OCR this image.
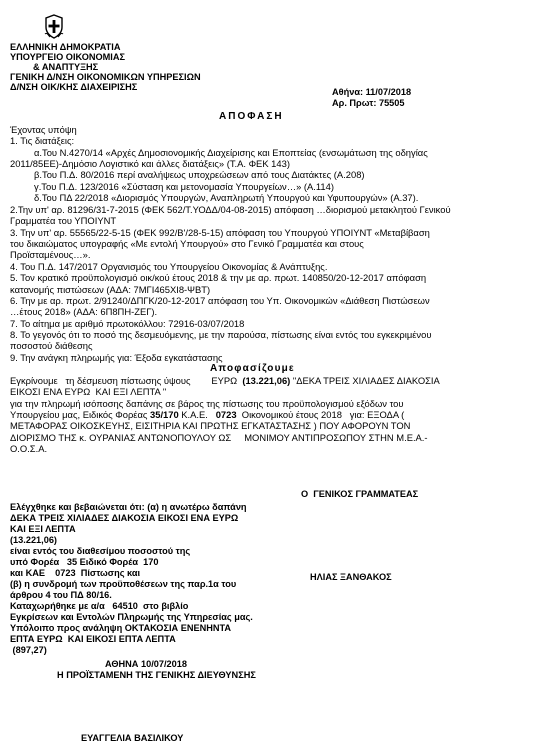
ΕΛΛΗΝΙΚΗ ΔΗΜΟΚΡΑΤΙΑ
ΥΠΟΥΡΓΕΙΟ ΟΙΚΟΝΟΜΙΑΣ
& ΑΝΑΠΤΥΞΗΣ
ΓΕΝΙΚΗ Δ/ΝΣΗ ΟΙΚΟΝΟΜΙΚΩΝ ΥΠΗΡΕΣΙΩΝ
Δ/ΝΣΗ ΟΙΚ/ΚΗΣ ΔΙΑΧΕΙΡΙΣΗΣ	Αθήνα: 11/07/2018
Αρ. Πρωτ: 75505
ΑΠΟΦΑΣΗ
Έχοντας υπόψη
1. Τις διατάξεις:
α.Του Ν.4270/14 «Αρχές Δημοσιονομικής Διαχείρισης και Εποπτείας (ενσωμάτωση της οδηγίας
2011/85ΕΕ)-Δημόσιο Λογιστικό και άλλες διατάξεις» (Τ.Α. ΦΕΚ 143)
β.Του Π.Δ. 80/2016 περί αναλήψεως υποχρεώσεων από τους Διατάκτες (Α.208)
γ.Του Π.Δ. 123/2016 «Σύσταση και μετονομασία Υπουργείων…» (Α.114)
δ.Του ΠΔ 22/2018 «Διορισμός Υπουργών, Αναπληρωτή Υπουργού και Υφυπουργών» (Α.37).
2.Την υπ' αρ. 81296/31-7-2015 (ΦΕΚ 562/Τ.ΥΟΔΔ/04-08-2015) απόφαση …διορισμού μετακλητού Γενικού
Γραμματέα του ΥΠΟΙΥΝΤ
3. Την υπ' αρ. 55565/22-5-15 (ΦΕΚ 992/Β'/28-5-15) απόφαση του Υπουργού ΥΠΟΙΥΝΤ «Μεταβίβαση
του δικαιώματος υπογραφής «Με εντολή Υπουργού» στο Γενικό Γραμματέα και στους
Προϊσταμένους…».
4. Του Π.Δ. 147/2017 Οργανισμός του Υπουργείου Οικονομίας & Ανάπτυξης.
5. Τον κρατικό προϋπολογισμό οικ/κού έτους 2018 & την με αρ. πρωτ. 140850/20-12-2017 απόφαση
κατανομής πιστώσεων (ΑΔΑ: 7ΜΓΙ465ΧΙ8-ΨΒΤ)
6. Την με αρ. πρωτ. 2/91240/ΔΠΓΚ/20-12-2017 απόφαση του Υπ. Οικονομικών «Διάθεση Πιστώσεων
…έτους 2018» (ΑΔΑ: 6Π8ΠΗ-ΖΕΓ).
7. Το αίτημα με αριθμό πρωτοκόλλου: 72916-03/07/2018
8. Το γεγονός ότι το ποσό της δεσμευόμενης, με την παρούσα, πίστωσης είναι εντός του εγκεκριμένου
ποσοστού διάθεσης
9. Την ανάγκη πληρωμής για: Έξοδα εγκατάστασης
Αποφασίζουμε
Εγκρίνουμε   τη δέσμευση πίστωσης ύψους        ΕΥΡΩ  (13.221,06) "ΔΕΚΑ ΤΡΕΙΣ ΧΙΛΙΑΔΕΣ ΔΙΑΚΟΣΙΑ
ΕΙΚΟΣΙ ΕΝΑ ΕΥΡΩ  ΚΑΙ ΕΞΙ ΛΕΠΤΑ "
για την πληρωμή ισόποσης δαπάνης σε βάρος της πίστωσης του προϋπολογισμού εξόδων του
Υπουργείου μας, Ειδικός Φορέας 35/170 Κ.Α.Ε.   0723  Οικονομικού έτους 2018   για: ΕΞΟΔΑ (
ΜΕΤΑΦΟΡΑΣ ΟΙΚΟΣΚΕΥΗΣ, ΕΙΣΙΤΗΡΙΑ ΚΑΙ ΠΡΩΤΗΣ ΕΓΚΑΤΑΣΤΑΣΗΣ ) ΠΟΥ ΑΦΟΡΟΥΝ ΤΟΝ
ΔΙΟΡΙΣΜΟ ΤΗΣ κ. ΟΥΡΑΝΙΑΣ ΑΝΤΩΝΟΠΟΥΛΟΥ ΩΣ     ΜΟΝΙΜΟΥ ΑΝΤΙΠΡΟΣΩΠΟΥ ΣΤΗΝ Μ.Ε.Α.-
Ο.Ο.Σ.Α.
Ο  ΓΕΝΙΚΟΣ ΓΡΑΜΜΑΤΕΑΣ
ΗΛΙΑΣ ΞΑΝΘΑΚΟΣ
Ελέγχθηκε και βεβαιώνεται ότι: (α) η ανωτέρω δαπάνη
ΔΕΚΑ ΤΡΕΙΣ ΧΙΛΙΑΔΕΣ ΔΙΑΚΟΣΙΑ ΕΙΚΟΣΙ ΕΝΑ ΕΥΡΩ
ΚΑΙ ΕΞΙ ΛΕΠΤΑ
(13.221,06)
είναι εντός του διαθεσίμου ποσοστού της
υπό Φορέα   35 Ειδικό Φορέα  170
και ΚΑΕ    0723  Πίστωσης και
(β) η συνδρομή των προϋποθέσεων της παρ.1α του
άρθρου 4 του ΠΔ 80/16.
Καταχωρήθηκε με α/α   64510  στο βιβλίο
Εγκρίσεων και Εντολών Πληρωμής της Υπηρεσίας μας.
Υπόλοιπο προς ανάληψη ΟΚΤΑΚΟΣΙΑ ΕΝΕΝΗΝΤΑ
ΕΠΤΑ ΕΥΡΩ  ΚΑΙ ΕΙΚΟΣΙ ΕΠΤΑ ΛΕΠΤΑ
(897,27)
ΑΘΗΝΑ 10/07/2018
Η ΠΡΟΪΣΤΑΜΕΝΗ ΤΗΣ ΓΕΝΙΚΗΣ ΔΙΕΥΘΥΝΣΗΣ
ΕΥΑΓΓΕΛΙΑ ΒΑΣΙΛΙΚΟΥ
